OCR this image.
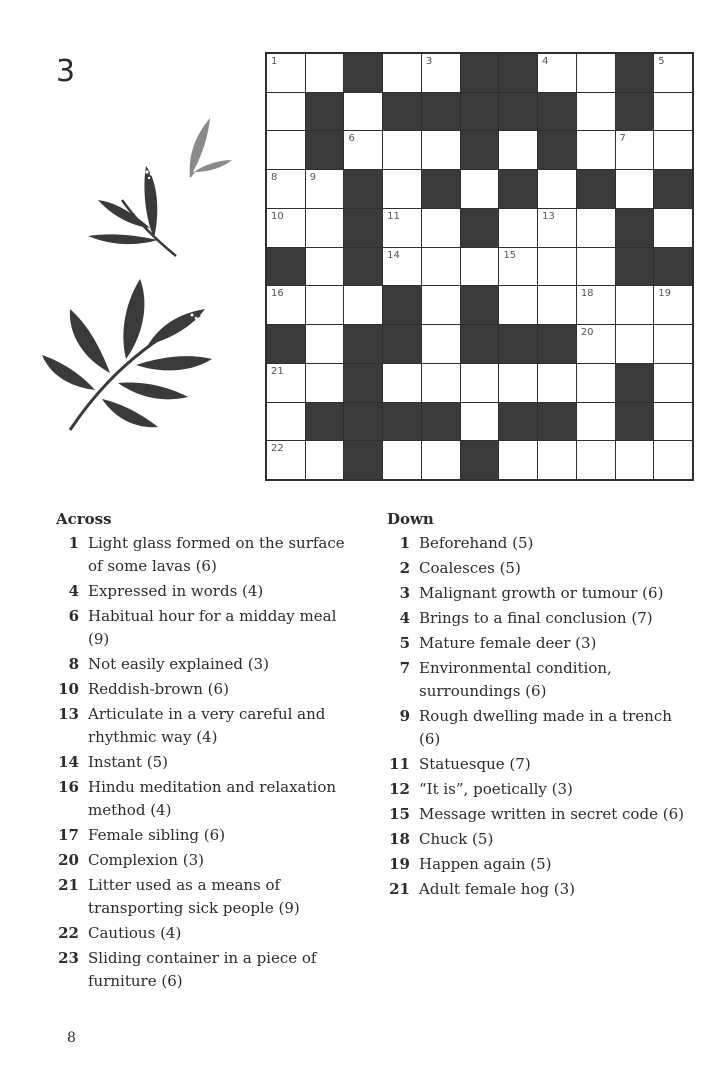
3	1	3	4	5
6	7
8	9
10	11	13
14	15
16	18	19
20
21
22
Across
1 Light glass formed on the surface of some lavas (6)
4 Expressed in words (4)
6 Habitual hour for a midday meal (9)
8 Not easily explained (3)
10 Reddish-brown (6)
13 Articulate in a very careful and rhythmic way (4)
14 Instant (5)
16 Hindu meditation and relaxation method (4)
17 Female sibling (6)
20 Complexion (3)
21 Litter used as a means of transporting sick people (9)
22 Cautious (4)
23 Sliding container in a piece of furniture (6)
Down
1 Beforehand (5)
2 Coalesces (5)
3 Malignant growth or tumour (6)
4 Brings to a final conclusion (7)
5 Mature female deer (3)
7 Environmental condition, surroundings (6)
9 Rough dwelling made in a trench (6)
11 Statuesque (7)
12 “It is”, poetically (3)
15 Message written in secret code (6)
18 Chuck (5)
19 Happen again (5)
21 Adult female hog (3)
8
